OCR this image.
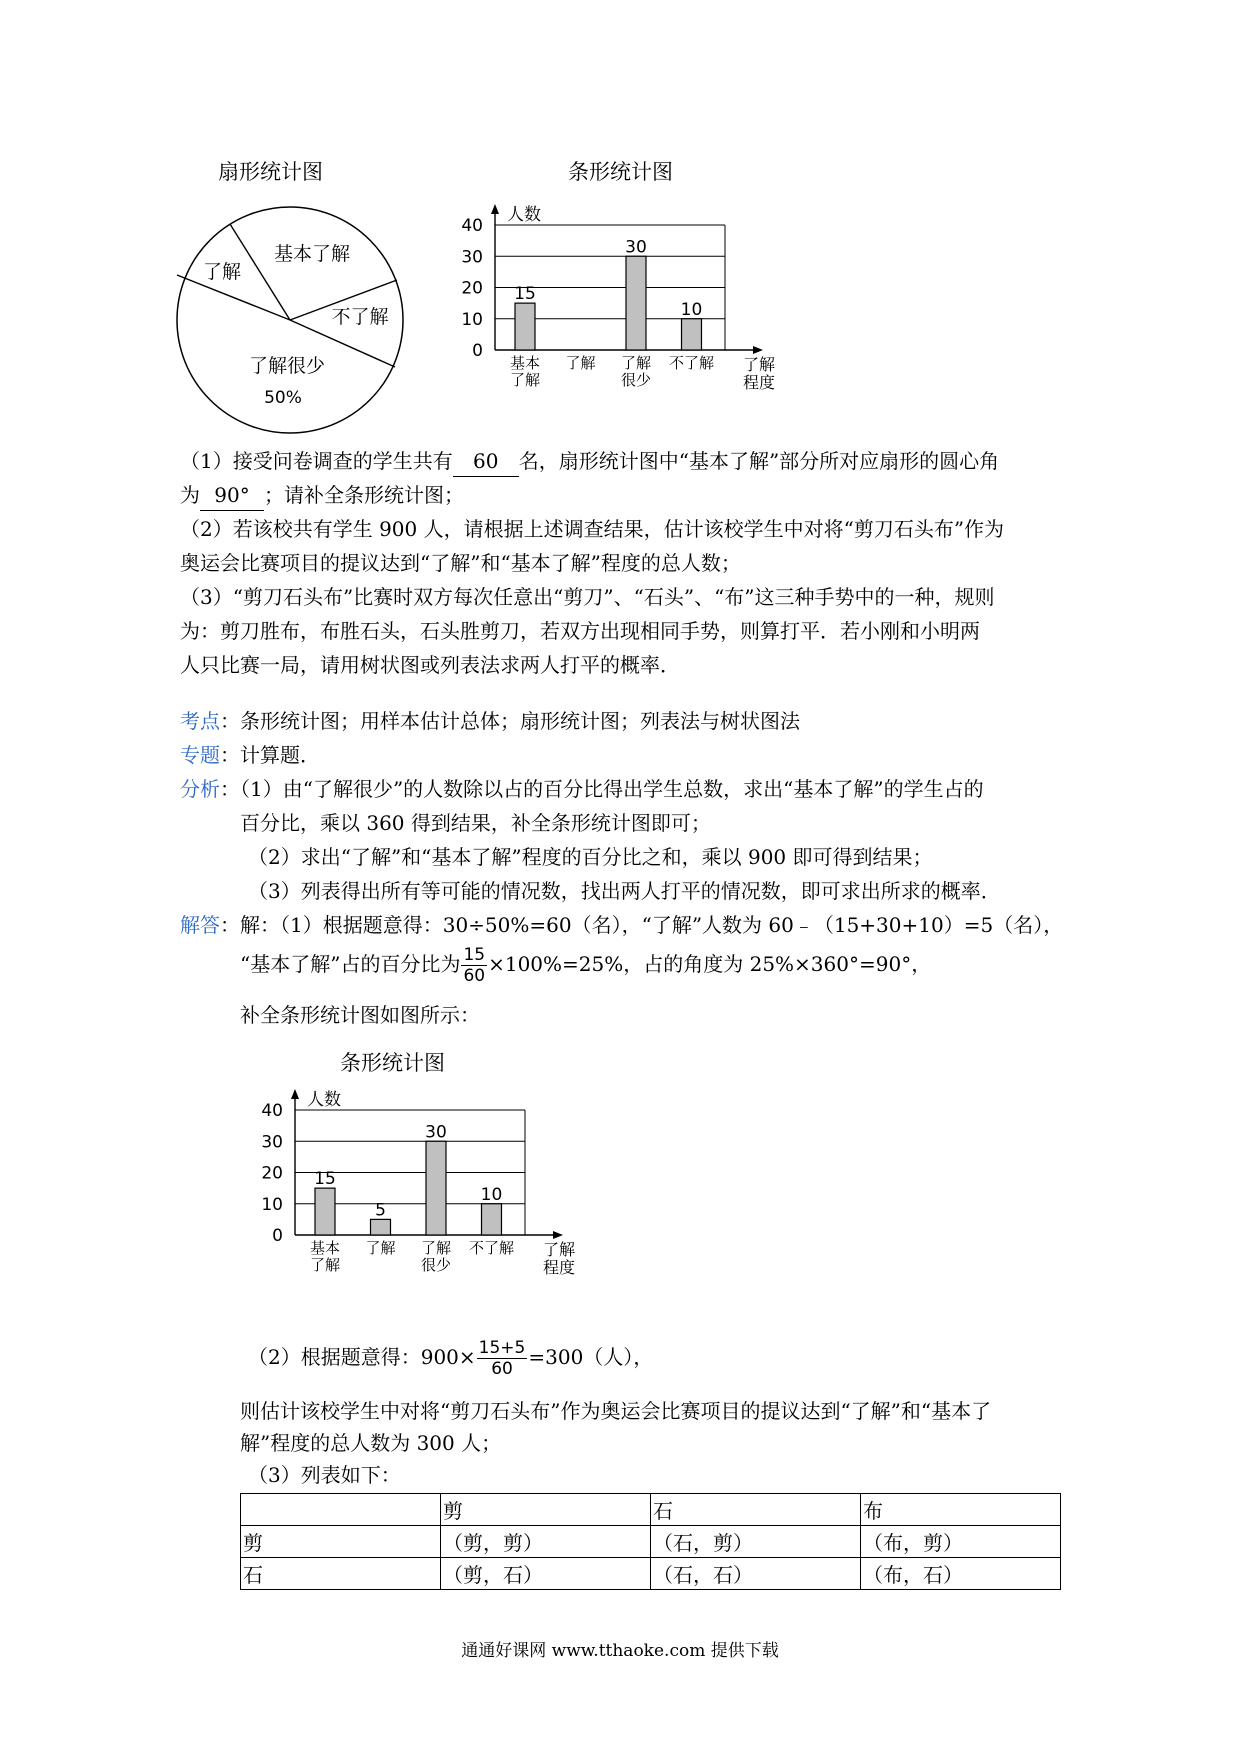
扇形统计图
基本了解
了解
不了解
了解很少
50%
条形统计图
0
10
20
30
40
人数
了解
程度
15
基本
了解
了解
30
了解
很少
10
不了解
（1）接受问卷调查的学生共有 60 名，扇形统计图中“基本了解”部分所对应扇形的圆心角
为 90° ；请补全条形统计图；
（2）若该校共有学生 900 人，请根据上述调查结果，估计该校学生中对将“剪刀石头布”作为
奥运会比赛项目的提议达到“了解”和“基本了解”程度的总人数；
（3）“剪刀石头布”比赛时双方每次任意出“剪刀”、“石头”、“布”这三种手势中的一种，规则
为：剪刀胜布，布胜石头，石头胜剪刀，若双方出现相同手势，则算打平．若小刚和小明两
人只比赛一局，请用树状图或列表法求两人打平的概率．
考点：条形统计图；用样本估计总体；扇形统计图；列表法与树状图法
专题：计算题．
分析：（1）由“了解很少”的人数除以占的百分比得出学生总数，求出“基本了解”的学生占的
百分比，乘以 360 得到结果，补全条形统计图即可；
（2）求出“了解”和“基本了解”程度的百分比之和，乘以 900 即可得到结果；
（3）列表得出所有等可能的情况数，找出两人打平的情况数，即可求出所求的概率．
解答：解：（1）根据题意得：30÷50%=60（名），“了解”人数为 60﹣（15+30+10）=5（名），
“基本了解”占的百分比为 $\frac{15}{60} \times 100\%=25\%$，占的角度为 25%×360°=90°，
补全条形统计图如图所示：
条形统计图
0
10
20
30
40
人数
了解
程度
15
基本
了解
5
了解
30
了解
很少
10
不了解
（2）根据题意得：$900\times \frac{15+5}{60} =300$（人），
则估计该校学生中对将“剪刀石头布”作为奥运会比赛项目的提议达到“了解”和“基本了
解”程度的总人数为 300 人；
（3）列表如下：
	剪	石	布
剪	（剪，剪）	（石，剪）	（布，剪）
石	（剪，石）	（石，石）	（布，石）
通通好课网 www.tthaoke.com 提供下载
